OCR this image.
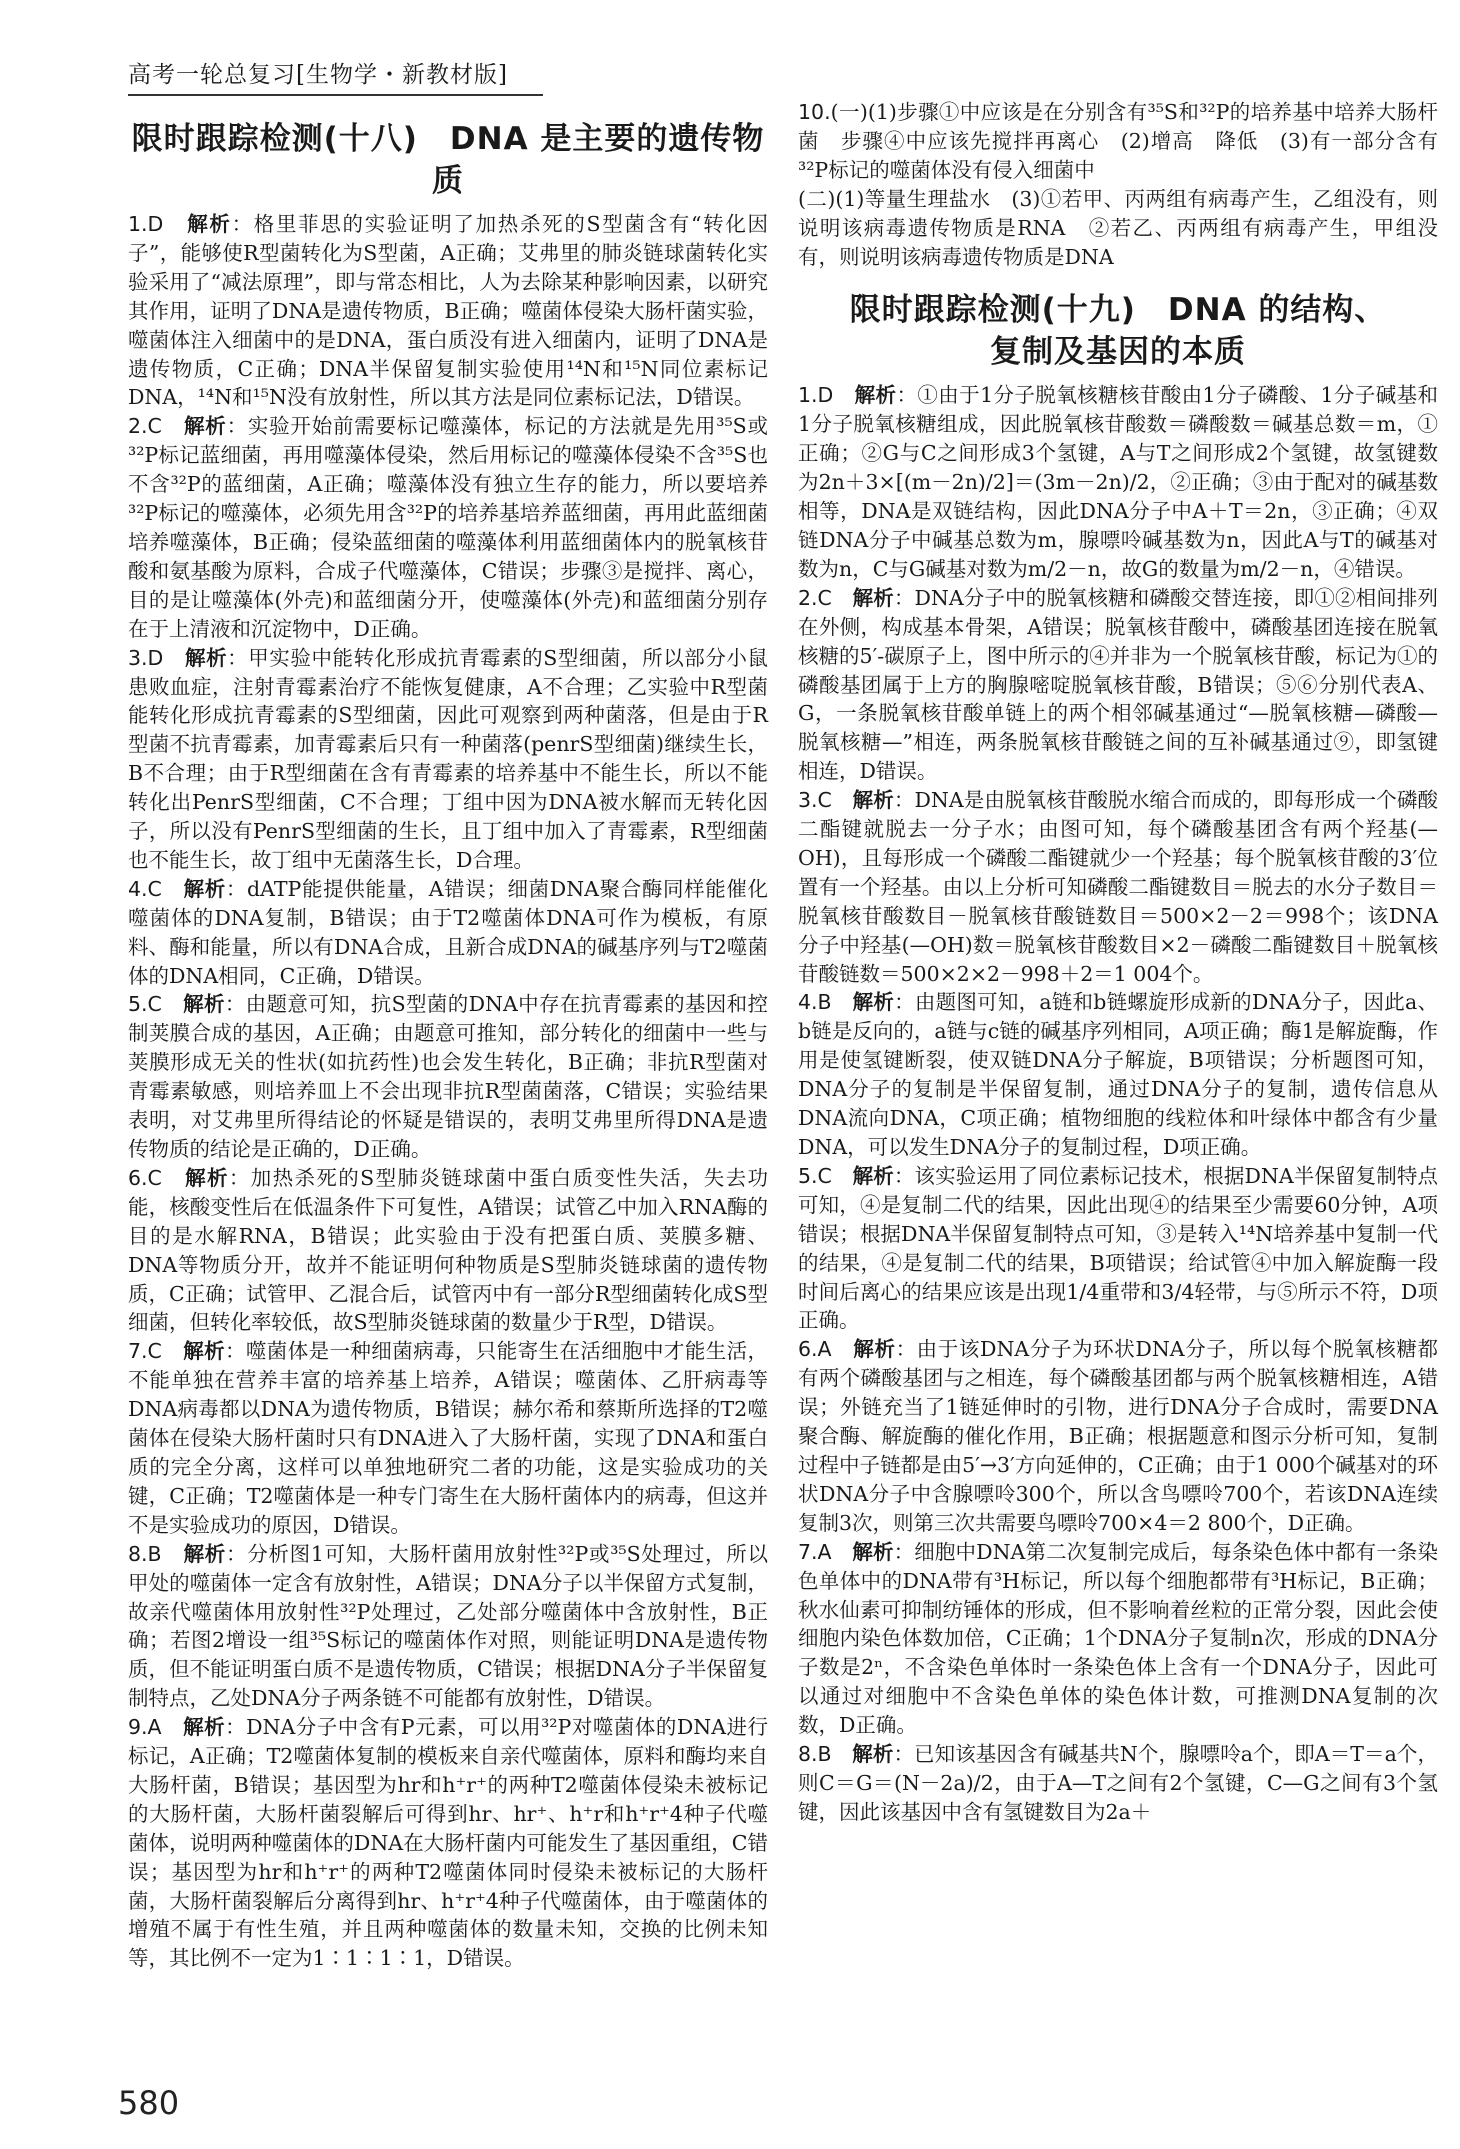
高考一轮总复习[生物学・新教材版]
限时跟踪检测(十八)　DNA 是主要的遗传物质

1.D　解析：格里菲思的实验证明了加热杀死的S型菌含有“转化因子”，能够使R型菌转化为S型菌，A正确；艾弗里的肺炎链球菌转化实验采用了“减法原理”，即与常态相比，人为去除某种影响因素，以研究其作用，证明了DNA是遗传物质，B正确；噬菌体侵染大肠杆菌实验，噬菌体注入细菌中的是DNA，蛋白质没有进入细菌内，证明了DNA是遗传物质，C正确；DNA半保留复制实验使用¹⁴N和¹⁵N同位素标记DNA，¹⁴N和¹⁵N没有放射性，所以其方法是同位素标记法，D错误。

2.C　解析：实验开始前需要标记噬藻体，标记的方法就是先用³⁵S或³²P标记蓝细菌，再用噬藻体侵染，然后用标记的噬藻体侵染不含³⁵S也不含³²P的蓝细菌，A正确；噬藻体没有独立生存的能力，所以要培养³²P标记的噬藻体，必须先用含³²P的培养基培养蓝细菌，再用此蓝细菌培养噬藻体，B正确；侵染蓝细菌的噬藻体利用蓝细菌体内的脱氧核苷酸和氨基酸为原料，合成子代噬藻体，C错误；步骤③是搅拌、离心，目的是让噬藻体(外壳)和蓝细菌分开，使噬藻体(外壳)和蓝细菌分别存在于上清液和沉淀物中，D正确。

3.D　解析：甲实验中能转化形成抗青霉素的S型细菌，所以部分小鼠患败血症，注射青霉素治疗不能恢复健康，A不合理；乙实验中R型菌能转化形成抗青霉素的S型细菌，因此可观察到两种菌落，但是由于R型菌不抗青霉素，加青霉素后只有一种菌落(penrS型细菌)继续生长，B不合理；由于R型细菌在含有青霉素的培养基中不能生长，所以不能转化出PenrS型细菌，C不合理；丁组中因为DNA被水解而无转化因子，所以没有PenrS型细菌的生长，且丁组中加入了青霉素，R型细菌也不能生长，故丁组中无菌落生长，D合理。

4.C　解析：dATP能提供能量，A错误；细菌DNA聚合酶同样能催化噬菌体的DNA复制，B错误；由于T2噬菌体DNA可作为模板，有原料、酶和能量，所以有DNA合成，且新合成DNA的碱基序列与T2噬菌体的DNA相同，C正确，D错误。

5.C　解析：由题意可知，抗S型菌的DNA中存在抗青霉素的基因和控制荚膜合成的基因，A正确；由题意可推知，部分转化的细菌中一些与荚膜形成无关的性状(如抗药性)也会发生转化，B正确；非抗R型菌对青霉素敏感，则培养皿上不会出现非抗R型菌菌落，C错误；实验结果表明，对艾弗里所得结论的怀疑是错误的，表明艾弗里所得DNA是遗传物质的结论是正确的，D正确。

6.C　解析：加热杀死的S型肺炎链球菌中蛋白质变性失活，失去功能，核酸变性后在低温条件下可复性，A错误；试管乙中加入RNA酶的目的是水解RNA，B错误；此实验由于没有把蛋白质、荚膜多糖、DNA等物质分开，故并不能证明何种物质是S型肺炎链球菌的遗传物质，C正确；试管甲、乙混合后，试管丙中有一部分R型细菌转化成S型细菌，但转化率较低，故S型肺炎链球菌的数量少于R型，D错误。

7.C　解析：噬菌体是一种细菌病毒，只能寄生在活细胞中才能生活，不能单独在营养丰富的培养基上培养，A错误；噬菌体、乙肝病毒等DNA病毒都以DNA为遗传物质，B错误；赫尔希和蔡斯所选择的T2噬菌体在侵染大肠杆菌时只有DNA进入了大肠杆菌，实现了DNA和蛋白质的完全分离，这样可以单独地研究二者的功能，这是实验成功的关键，C正确；T2噬菌体是一种专门寄生在大肠杆菌体内的病毒，但这并不是实验成功的原因，D错误。

8.B　解析：分析图1可知，大肠杆菌用放射性³²P或³⁵S处理过，所以甲处的噬菌体一定含有放射性，A错误；DNA分子以半保留方式复制，故亲代噬菌体用放射性³²P处理过，乙处部分噬菌体中含放射性，B正确；若图2增设一组³⁵S标记的噬菌体作对照，则能证明DNA是遗传物质，但不能证明蛋白质不是遗传物质，C错误；根据DNA分子半保留复制特点，乙处DNA分子两条链不可能都有放射性，D错误。

9.A　解析：DNA分子中含有P元素，可以用³²P对噬菌体的DNA进行标记，A正确；T2噬菌体复制的模板来自亲代噬菌体，原料和酶均来自大肠杆菌，B错误；基因型为hr和h⁺r⁺的两种T2噬菌体侵染未被标记的大肠杆菌，大肠杆菌裂解后可得到hr、hr⁺、h⁺r和h⁺r⁺4种子代噬菌体，说明两种噬菌体的DNA在大肠杆菌内可能发生了基因重组，C错误；基因型为hr和h⁺r⁺的两种T2噬菌体同时侵染未被标记的大肠杆菌，大肠杆菌裂解后分离得到hr、h⁺r⁺4种子代噬菌体，由于噬菌体的增殖不属于有性生殖，并且两种噬菌体的数量未知，交换的比例未知等，其比例不一定为1∶1∶1∶1，D错误。

10.(一)(1)步骤①中应该是在分别含有³⁵S和³²P的培养基中培养大肠杆菌　步骤④中应该先搅拌再离心　(2)增高　降低　(3)有一部分含有³²P标记的噬菌体没有侵入细菌中

(二)(1)等量生理盐水　(3)①若甲、丙两组有病毒产生，乙组没有，则说明该病毒遗传物质是RNA　②若乙、丙两组有病毒产生，甲组没有，则说明该病毒遗传物质是DNA

限时跟踪检测(十九)　DNA 的结构、
复制及基因的本质

1.D　解析：①由于1分子脱氧核糖核苷酸由1分子磷酸、1分子碱基和1分子脱氧核糖组成，因此脱氧核苷酸数＝磷酸数＝碱基总数＝m，①正确；②G与C之间形成3个氢键，A与T之间形成2个氢键，故氢键数为2n＋3×[(m－2n)/2]＝(3m－2n)/2，②正确；③由于配对的碱基数相等，DNA是双链结构，因此DNA分子中A＋T＝2n，③正确；④双链DNA分子中碱基总数为m，腺嘌呤碱基数为n，因此A与T的碱基对数为n，C与G碱基对数为m/2－n，故G的数量为m/2－n，④错误。

2.C　解析：DNA分子中的脱氧核糖和磷酸交替连接，即①②相间排列在外侧，构成基本骨架，A错误；脱氧核苷酸中，磷酸基团连接在脱氧核糖的5′-碳原子上，图中所示的④并非为一个脱氧核苷酸，标记为①的磷酸基团属于上方的胸腺嘧啶脱氧核苷酸，B错误；⑤⑥分别代表A、G，一条脱氧核苷酸单链上的两个相邻碱基通过“—脱氧核糖—磷酸—脱氧核糖—”相连，两条脱氧核苷酸链之间的互补碱基通过⑨，即氢键相连，D错误。

3.C　解析：DNA是由脱氧核苷酸脱水缩合而成的，即每形成一个磷酸二酯键就脱去一分子水；由图可知，每个磷酸基团含有两个羟基(—OH)，且每形成一个磷酸二酯键就少一个羟基；每个脱氧核苷酸的3′位置有一个羟基。由以上分析可知磷酸二酯键数目＝脱去的水分子数目＝脱氧核苷酸数目－脱氧核苷酸链数目＝500×2－2＝998个；该DNA分子中羟基(—OH)数＝脱氧核苷酸数目×2－磷酸二酯键数目＋脱氧核苷酸链数＝500×2×2－998＋2＝1 004个。

4.B　解析：由题图可知，a链和b链螺旋形成新的DNA分子，因此a、b链是反向的，a链与c链的碱基序列相同，A项正确；酶1是解旋酶，作用是使氢键断裂，使双链DNA分子解旋，B项错误；分析题图可知，DNA分子的复制是半保留复制，通过DNA分子的复制，遗传信息从DNA流向DNA，C项正确；植物细胞的线粒体和叶绿体中都含有少量DNA，可以发生DNA分子的复制过程，D项正确。

5.C　解析：该实验运用了同位素标记技术，根据DNA半保留复制特点可知，④是复制二代的结果，因此出现④的结果至少需要60分钟，A项错误；根据DNA半保留复制特点可知，③是转入¹⁴N培养基中复制一代的结果，④是复制二代的结果，B项错误；给试管④中加入解旋酶一段时间后离心的结果应该是出现1/4重带和3/4轻带，与⑤所示不符，D项正确。

6.A　解析：由于该DNA分子为环状DNA分子，所以每个脱氧核糖都有两个磷酸基团与之相连，每个磷酸基团都与两个脱氧核糖相连，A错误；外链充当了1链延伸时的引物，进行DNA分子合成时，需要DNA聚合酶、解旋酶的催化作用，B正确；根据题意和图示分析可知，复制过程中子链都是由5′→3′方向延伸的，C正确；由于1 000个碱基对的环状DNA分子中含腺嘌呤300个，所以含鸟嘌呤700个，若该DNA连续复制3次，则第三次共需要鸟嘌呤700×4＝2 800个，D正确。

7.A　解析：细胞中DNA第二次复制完成后，每条染色体中都有一条染色单体中的DNA带有³H标记，所以每个细胞都带有³H标记，B正确；秋水仙素可抑制纺锤体的形成，但不影响着丝粒的正常分裂，因此会使细胞内染色体数加倍，C正确；1个DNA分子复制n次，形成的DNA分子数是2ⁿ，不含染色单体时一条染色体上含有一个DNA分子，因此可以通过对细胞中不含染色单体的染色体计数，可推测DNA复制的次数，D正确。

8.B　解析：已知该基因含有碱基共N个，腺嘌呤a个，即A＝T＝a个，则C＝G＝(N－2a)/2，由于A—T之间有2个氢键，C—G之间有3个氢键，因此该基因中含有氢键数目为2a＋

580
